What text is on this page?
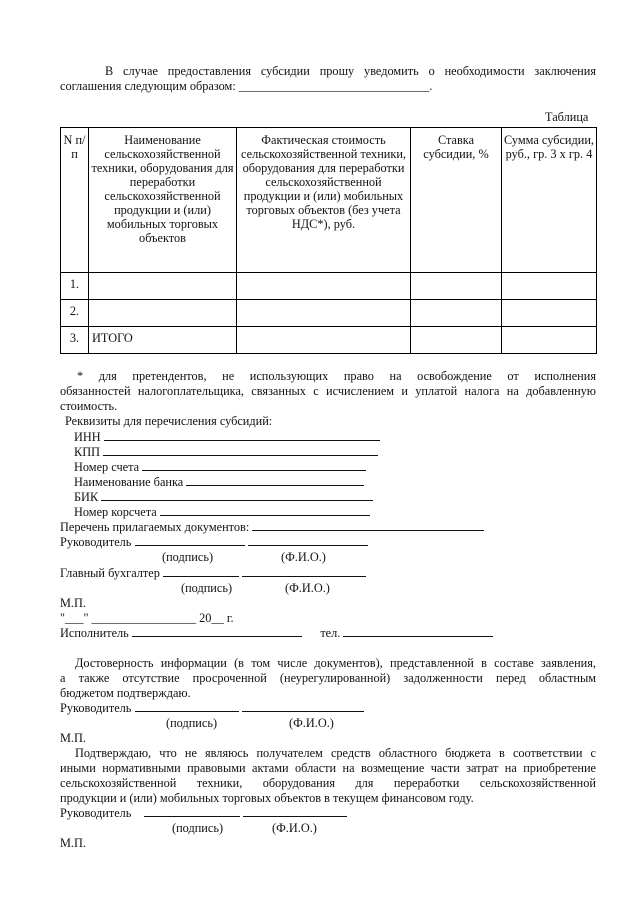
В случае предоставления субсидии прошу уведомить о необходимости заключения
соглашения следующим образом: _______________________________.
Таблица
N п/п	Наименование сельскохозяйственной техники, оборудования для переработки сельскохозяйственной продукции и (или) мобильных торговых объектов	Фактическая стоимость сельскохозяйственной техники, оборудования для переработки сельскохозяйственной продукции и (или) мобильных торговых объектов (без учета НДС*), руб.	Ставка субсидии, %	Сумма субсидии, руб., гр. 3 x гр. 4
1.				
2.				
3.	ИТОГО			
* для претендентов, не использующих право на освобождение от исполнения
обязанностей налогоплательщика, связанных с исчислением и уплатой налога на добавленную
стоимость.
Реквизиты для перечисления субсидий:
ИНН
КПП
Номер счета
Наименование банка
БИК
Номер корсчета
Перечень прилагаемых документов:
Руководитель
(подпись)	(Ф.И.О.)
Главный бухгалтер
(подпись)	(Ф.И.О.)
М.П.
"___" _________________ 20__ г.
Исполнитель	тел.
Достоверность информации (в том числе документов), представленной в составе заявления,
а также отсутствие просроченной (неурегулированной) задолженности перед областным
бюджетом подтверждаю.
Руководитель
(подпись)	(Ф.И.О.)
М.П.
Подтверждаю, что не являюсь получателем средств областного бюджета в соответствии с
иными нормативными правовыми актами области на возмещение части затрат на приобретение
сельскохозяйственной техники, оборудования для переработки сельскохозяйственной
продукции и (или) мобильных торговых объектов в текущем финансовом году.
Руководитель
(подпись)	(Ф.И.О.)
М.П.
